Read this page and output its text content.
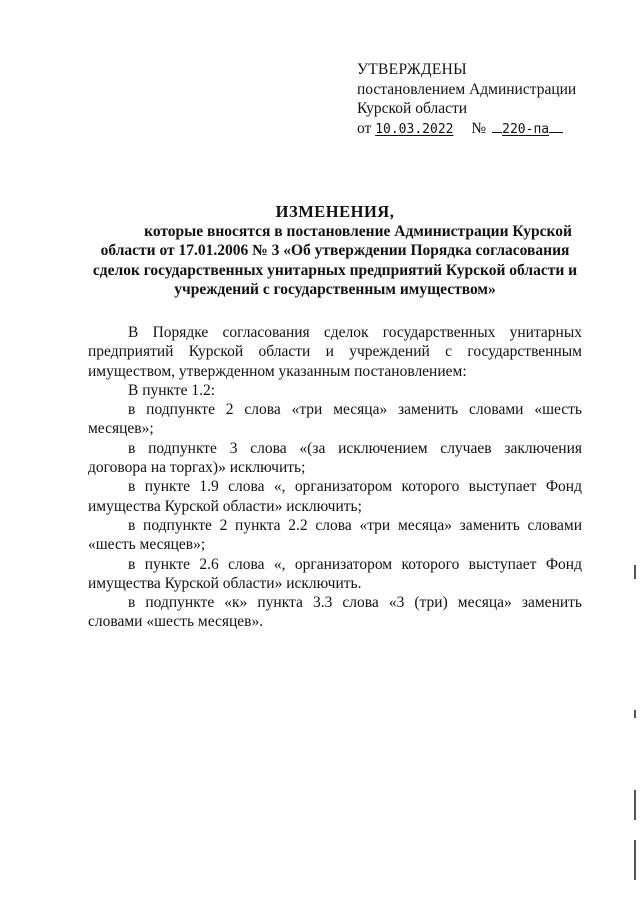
УТВЕРЖДЕНЫ
постановлением Администрации
Курской области
от 10.03.2022 № 220-па
ИЗМЕНЕНИЯ,
которые вносятся в постановление Администрации Курской
области от 17.01.2006 № 3 «Об утверждении Порядка согласования
сделок государственных унитарных предприятий Курской области и
учреждений с государственным имуществом»

В Порядке согласования сделок государственных унитарных предприятий Курской области и учреждений с государственным имуществом, утвержденном указанным постановлением:

В пункте 1.2:

в подпункте 2 слова «три месяца» заменить словами «шесть месяцев»;

в подпункте 3 слова «(за исключением случаев заключения договора на торгах)» исключить;

в пункте 1.9 слова «, организатором которого выступает Фонд имущества Курской области» исключить;

в подпункте 2 пункта 2.2 слова «три месяца» заменить словами «шесть месяцев»;

в пункте 2.6 слова «, организатором которого выступает Фонд имущества Курской области» исключить.

в подпункте «к» пункта 3.3 слова «3 (три) месяца» заменить словами «шесть месяцев».
